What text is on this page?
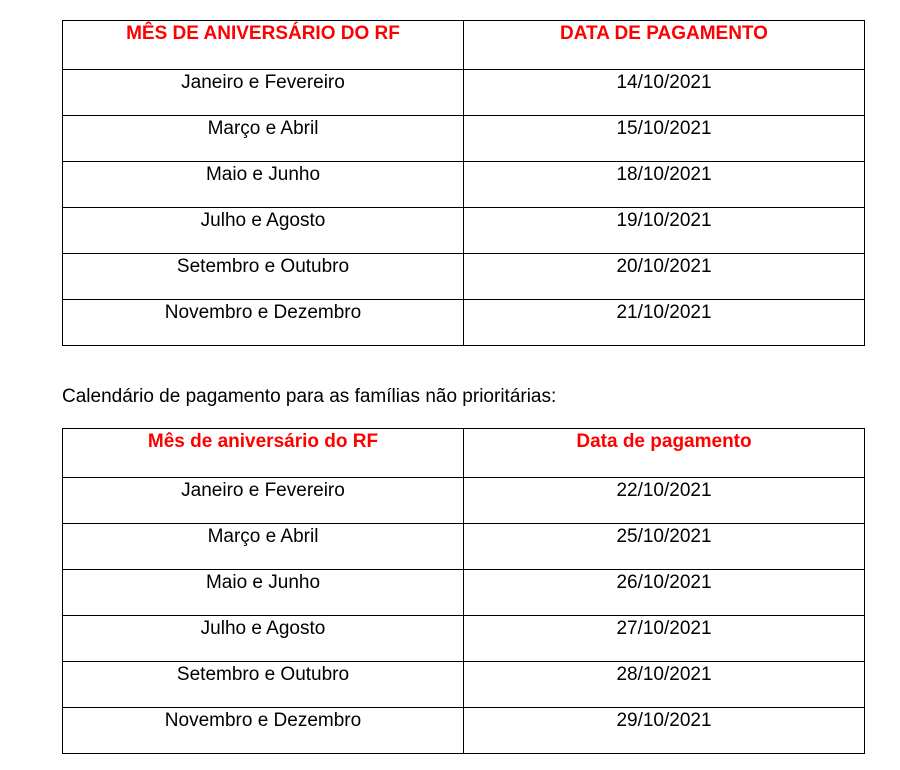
MÊS DE ANIVERSÁRIO DO RF	DATA DE PAGAMENTO

Janeiro e Fevereiro	14/10/2021

Março e Abril	15/10/2021

Maio e Junho	18/10/2021

Julho e Agosto	19/10/2021

Setembro e Outubro	20/10/2021

Novembro e Dezembro	21/10/2021

Calendário de pagamento para as famílias não prioritárias:

Mês de aniversário do RF	Data de pagamento

Janeiro e Fevereiro	22/10/2021

Março e Abril	25/10/2021

Maio e Junho	26/10/2021

Julho e Agosto	27/10/2021

Setembro e Outubro	28/10/2021

Novembro e Dezembro	29/10/2021
